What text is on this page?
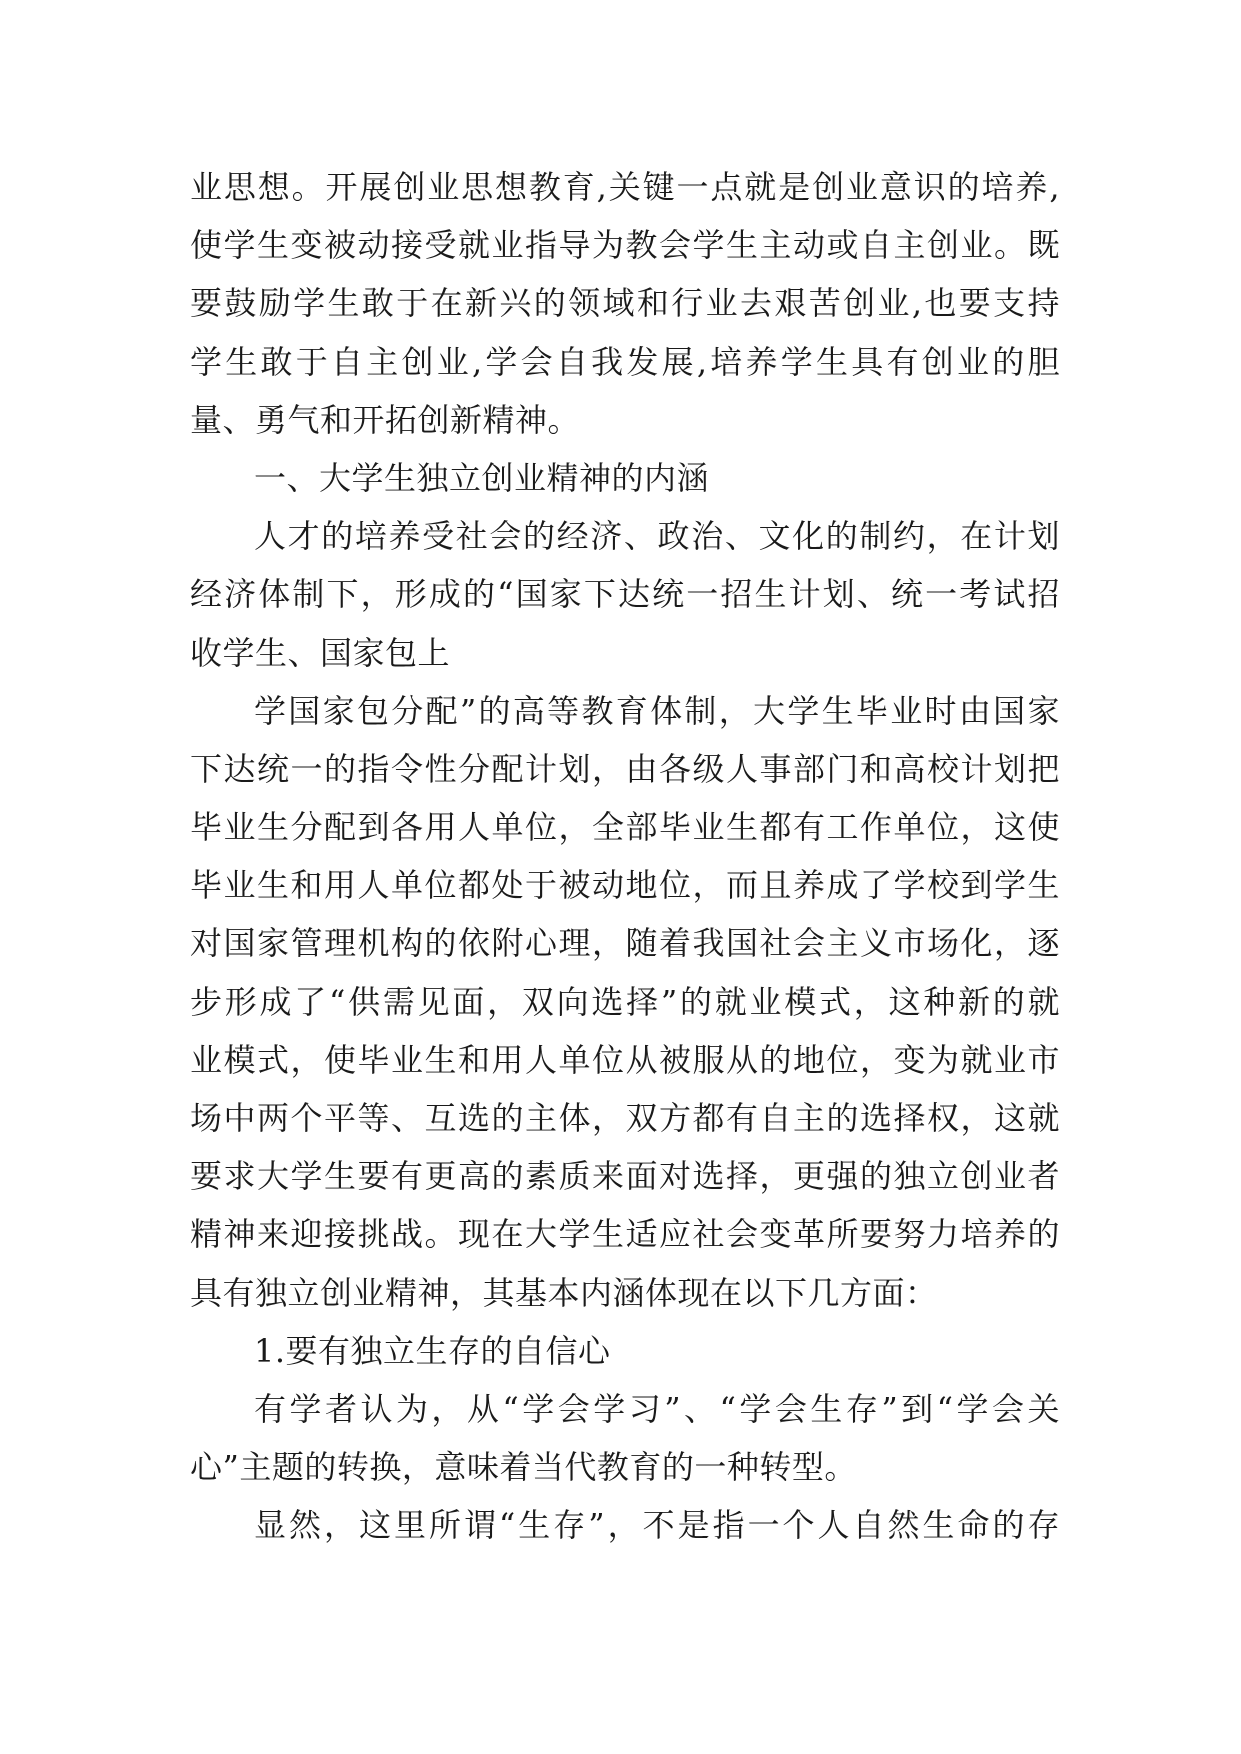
业思想。开展创业思想教育,关键一点就是创业意识的培养,
使学生变被动接受就业指导为教会学生主动或自主创业。既
要鼓励学生敢于在新兴的领域和行业去艰苦创业,也要支持
学生敢于自主创业,学会自我发展,培养学生具有创业的胆
量、勇气和开拓创新精神。
一、大学生独立创业精神的内涵
人才的培养受社会的经济、政治、文化的制约，在计划
经济体制下，形成的“国家下达统一招生计划、统一考试招
收学生、国家包上
学国家包分配”的高等教育体制，大学生毕业时由国家
下达统一的指令性分配计划，由各级人事部门和高校计划把
毕业生分配到各用人单位，全部毕业生都有工作单位，这使
毕业生和用人单位都处于被动地位，而且养成了学校到学生
对国家管理机构的依附心理，随着我国社会主义市场化，逐
步形成了“供需见面，双向选择”的就业模式，这种新的就
业模式，使毕业生和用人单位从被服从的地位，变为就业市
场中两个平等、互选的主体，双方都有自主的选择权，这就
要求大学生要有更高的素质来面对选择，更强的独立创业者
精神来迎接挑战。现在大学生适应社会变革所要努力培养的
具有独立创业精神，其基本内涵体现在以下几方面：
1.要有独立生存的自信心
有学者认为，从“学会学习”、“学会生存”到“学会关
心”主题的转换，意味着当代教育的一种转型。
显然，这里所谓“生存”，不是指一个人自然生命的存
